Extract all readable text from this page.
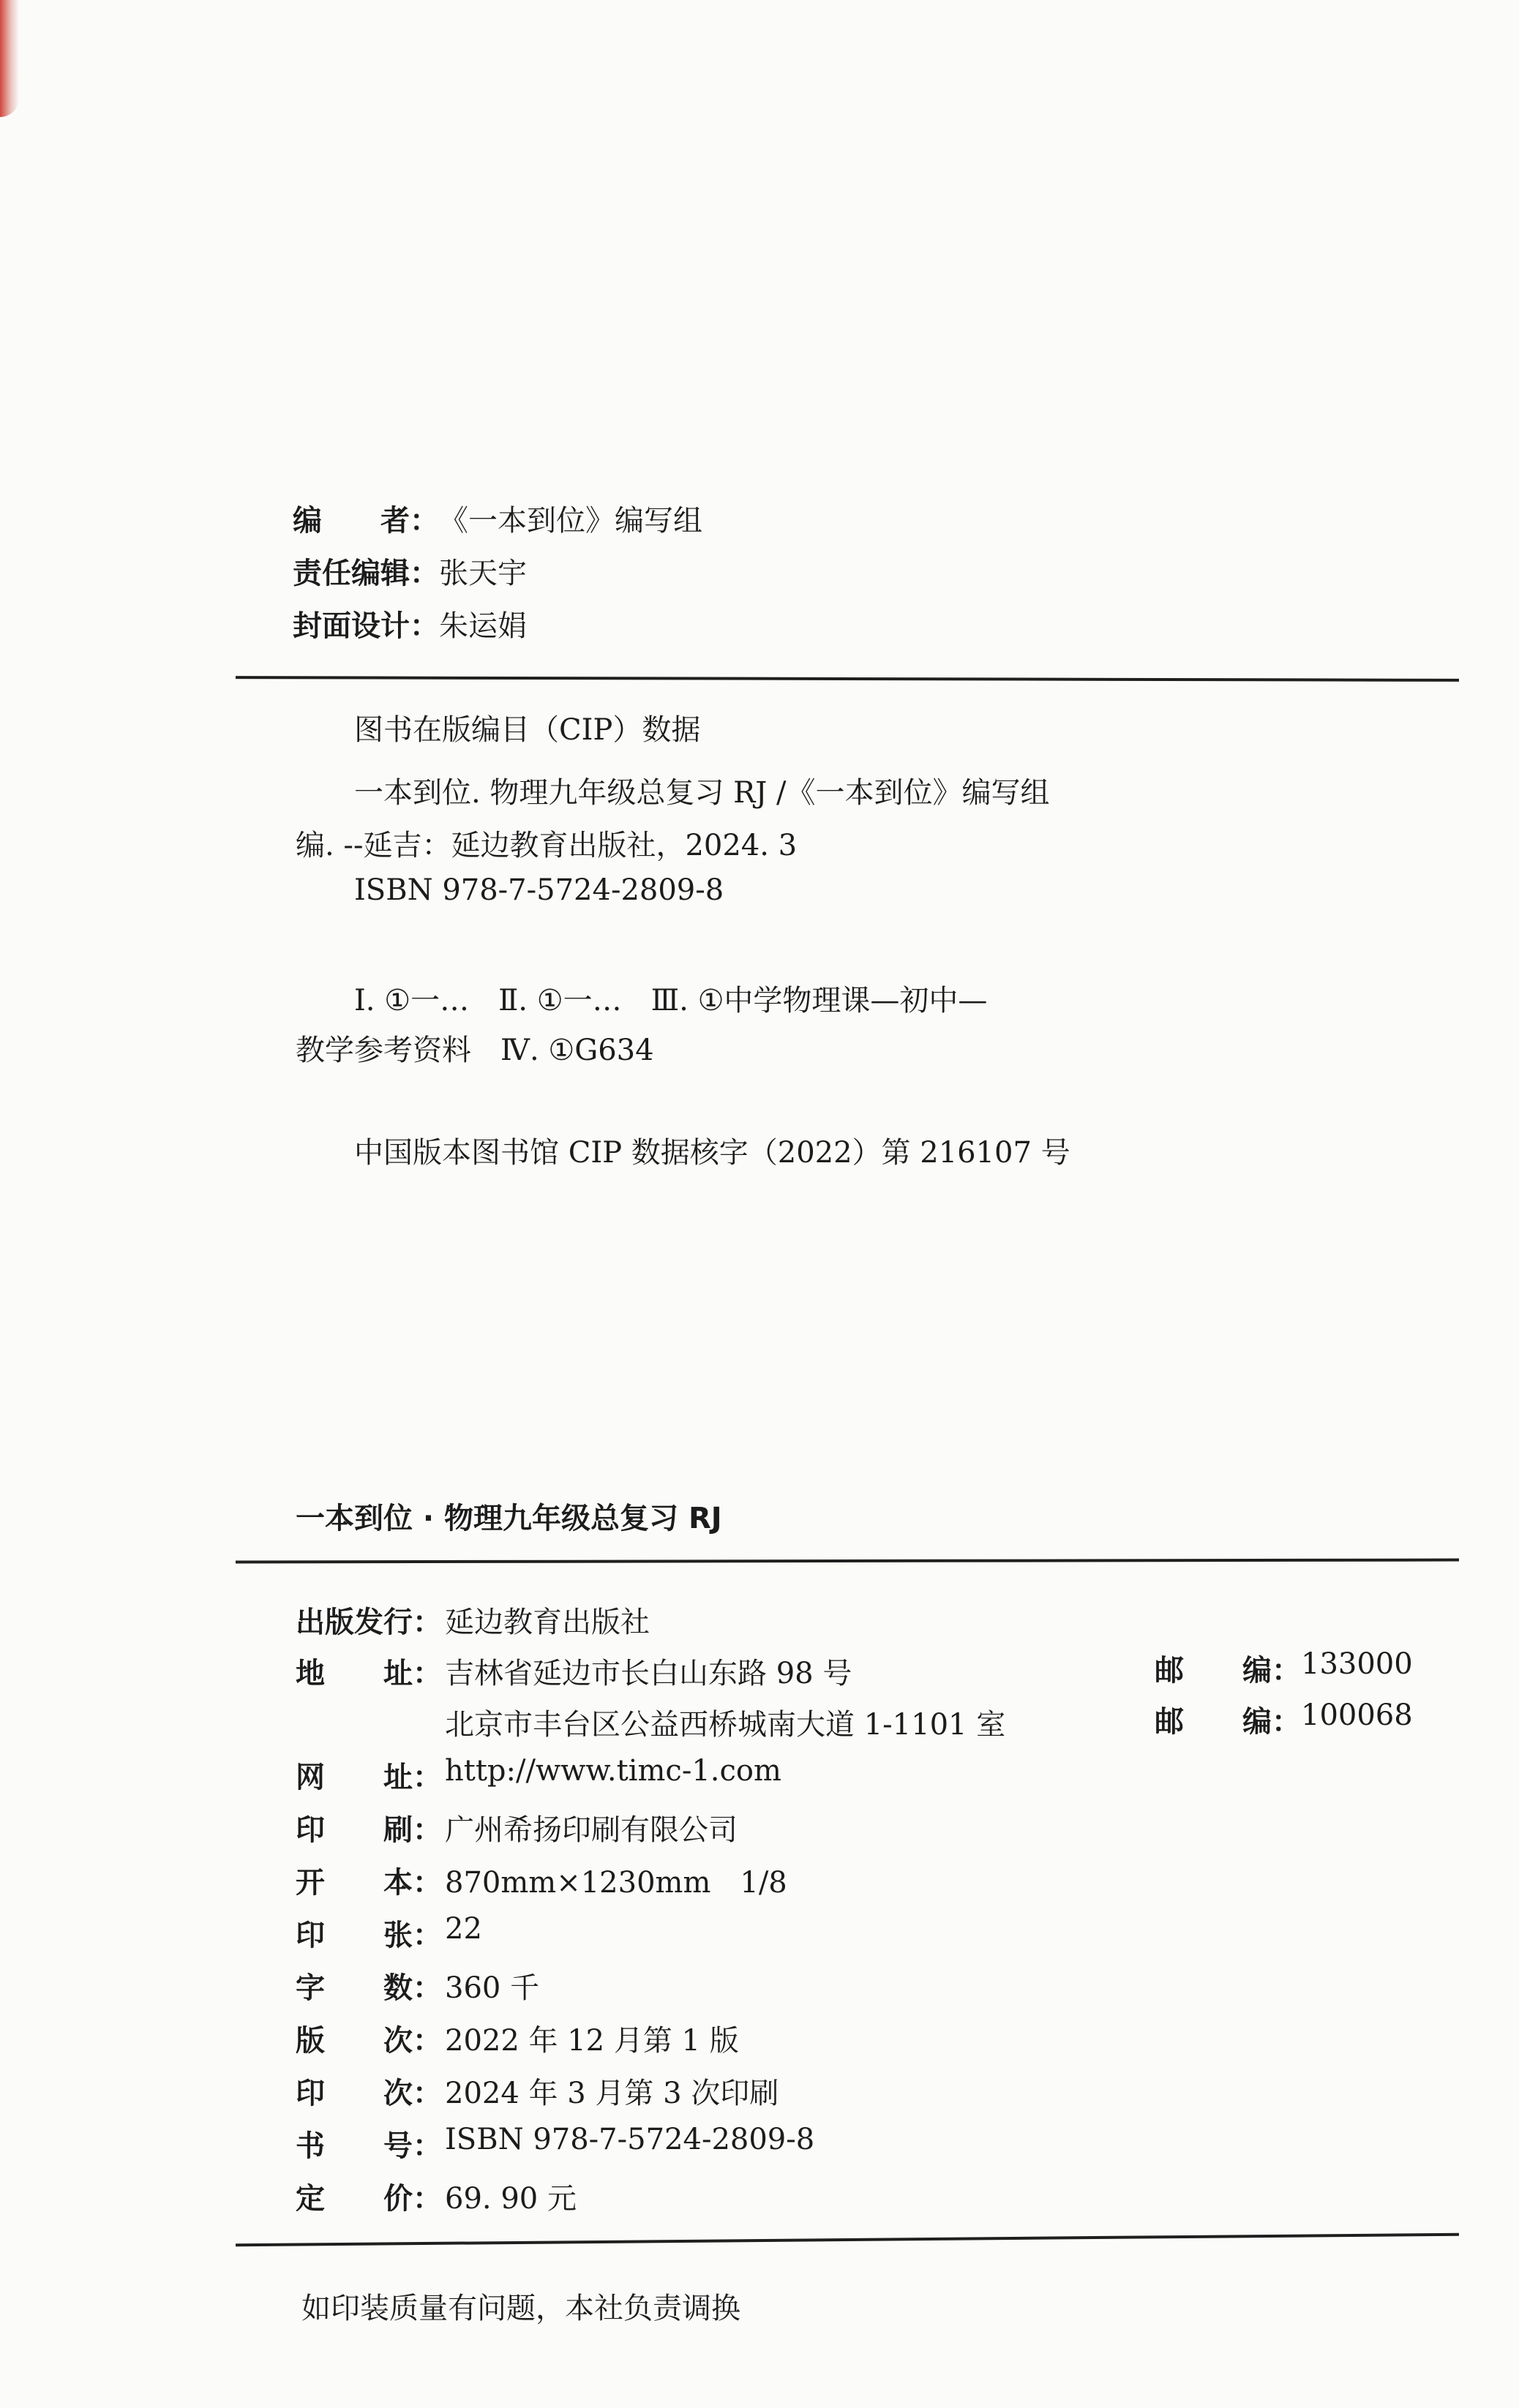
编　　者： 《一本到位》编写组
责任编辑： 张天宇
封面设计： 朱运娟
图书在版编目（CIP）数据
一本到位. 物理九年级总复习 RJ /《一本到位》编写组
编. --延吉：延边教育出版社，2024. 3
ISBN 978-7-5724-2809-8
Ⅰ. ①一…　Ⅱ. ①一…　Ⅲ. ①中学物理课—初中—
教学参考资料　Ⅳ. ①G634
中国版本图书馆 CIP 数据核字（2022）第 216107 号
一本到位 · 物理九年级总复习 RJ
出版发行： 延边教育出版社
地　　址： 吉林省延边市长白山东路 98 号	邮　　编： 133000
北京市丰台区公益西桥城南大道 1-1101 室	邮　　编： 100068
网　　址： http://www.timc-1.com
印　　刷： 广州希扬印刷有限公司
开　　本： 870mm×1230mm　1/8
印　　张： 22
字　　数： 360 千
版　　次： 2022 年 12 月第 1 版
印　　次： 2024 年 3 月第 3 次印刷
书　　号： ISBN 978-7-5724-2809-8
定　　价： 69. 90 元
如印装质量有问题，本社负责调换
